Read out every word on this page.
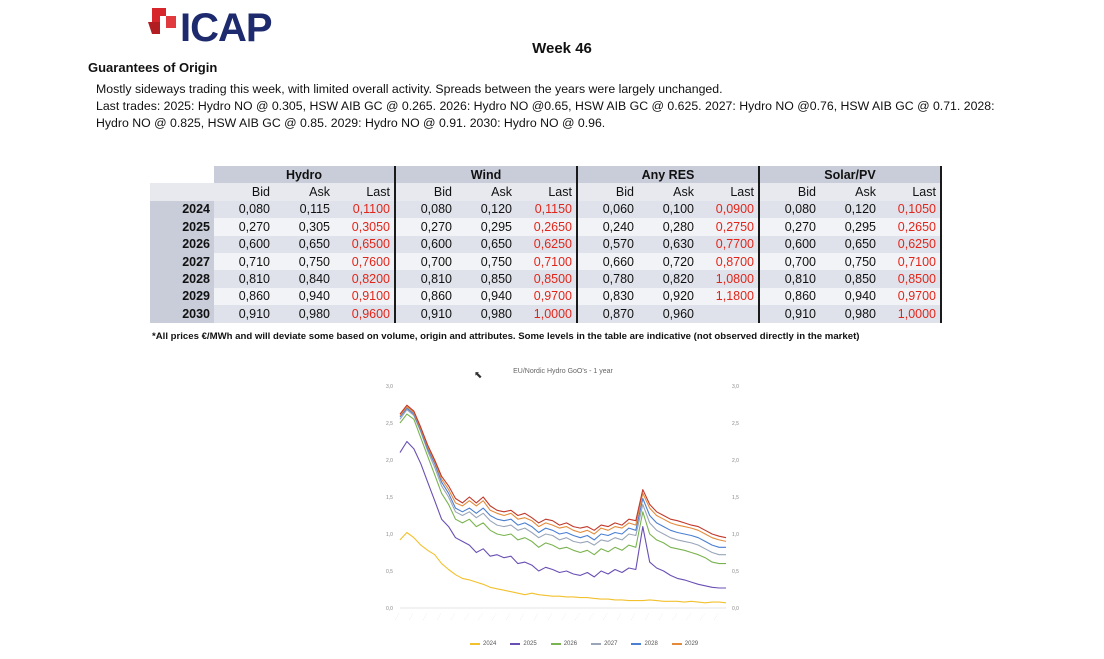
ICAP	Week 46
Guarantees of Origin
Mostly sideways trading this week, with limited overall activity. Spreads between the years were largely unchanged.
Last trades: 2025: Hydro NO @ 0.305, HSW AIB GC @ 0.265. 2026: Hydro NO @0.65, HSW AIB GC @ 0.625. 2027: Hydro NO @0.76, HSW AIB GC @ 0.71. 2028:
Hydro NO @ 0.825, HSW AIB GC @ 0.85. 2029: Hydro NO @ 0.91. 2030: Hydro NO @ 0.96.
	Hydro			Wind			Any RES			Solar/PV		
	Bid	Ask	Last	Bid	Ask	Last	Bid	Ask	Last	Bid	Ask	Last
2024	0,080	0,115	0,1100	0,080	0,120	0,1150	0,060	0,100	0,0900	0,080	0,120	0,1050
2025	0,270	0,305	0,3050	0,270	0,295	0,2650	0,240	0,280	0,2750	0,270	0,295	0,2650
2026	0,600	0,650	0,6500	0,600	0,650	0,6250	0,570	0,630	0,7700	0,600	0,650	0,6250
2027	0,710	0,750	0,7600	0,700	0,750	0,7100	0,660	0,720	0,8700	0,700	0,750	0,7100
2028	0,810	0,840	0,8200	0,810	0,850	0,8500	0,780	0,820	1,0800	0,810	0,850	0,8500
2029	0,860	0,940	0,9100	0,860	0,940	0,9700	0,830	0,920	1,1800	0,860	0,940	0,9700
2030	0,910	0,980	0,9600	0,910	0,980	1,0000	0,870	0,960		0,910	0,980	1,0000
*All prices €/MWh and will deviate some based on volume, origin and attributes. Some levels in the table are indicative (not observed directly in the market)
⬉	EU/Nordic Hydro GoO's - 1 year
3,0	3,0
2,5	2,5
2,0	2,0
1,5	1,5
1,0	1,0
0,5	0,5
0,0	0,0
· · · · · · · · · · · · · · · · · · · · · · · · · · · · · · · · · · · · · · · · · · · · · · · · · · · · · · · · · · · · · · · · · · · · · · · · · · · · · · · · · · · · · · · · · · · · · · · ·
2024	2025	2026	2027	2028	2029
